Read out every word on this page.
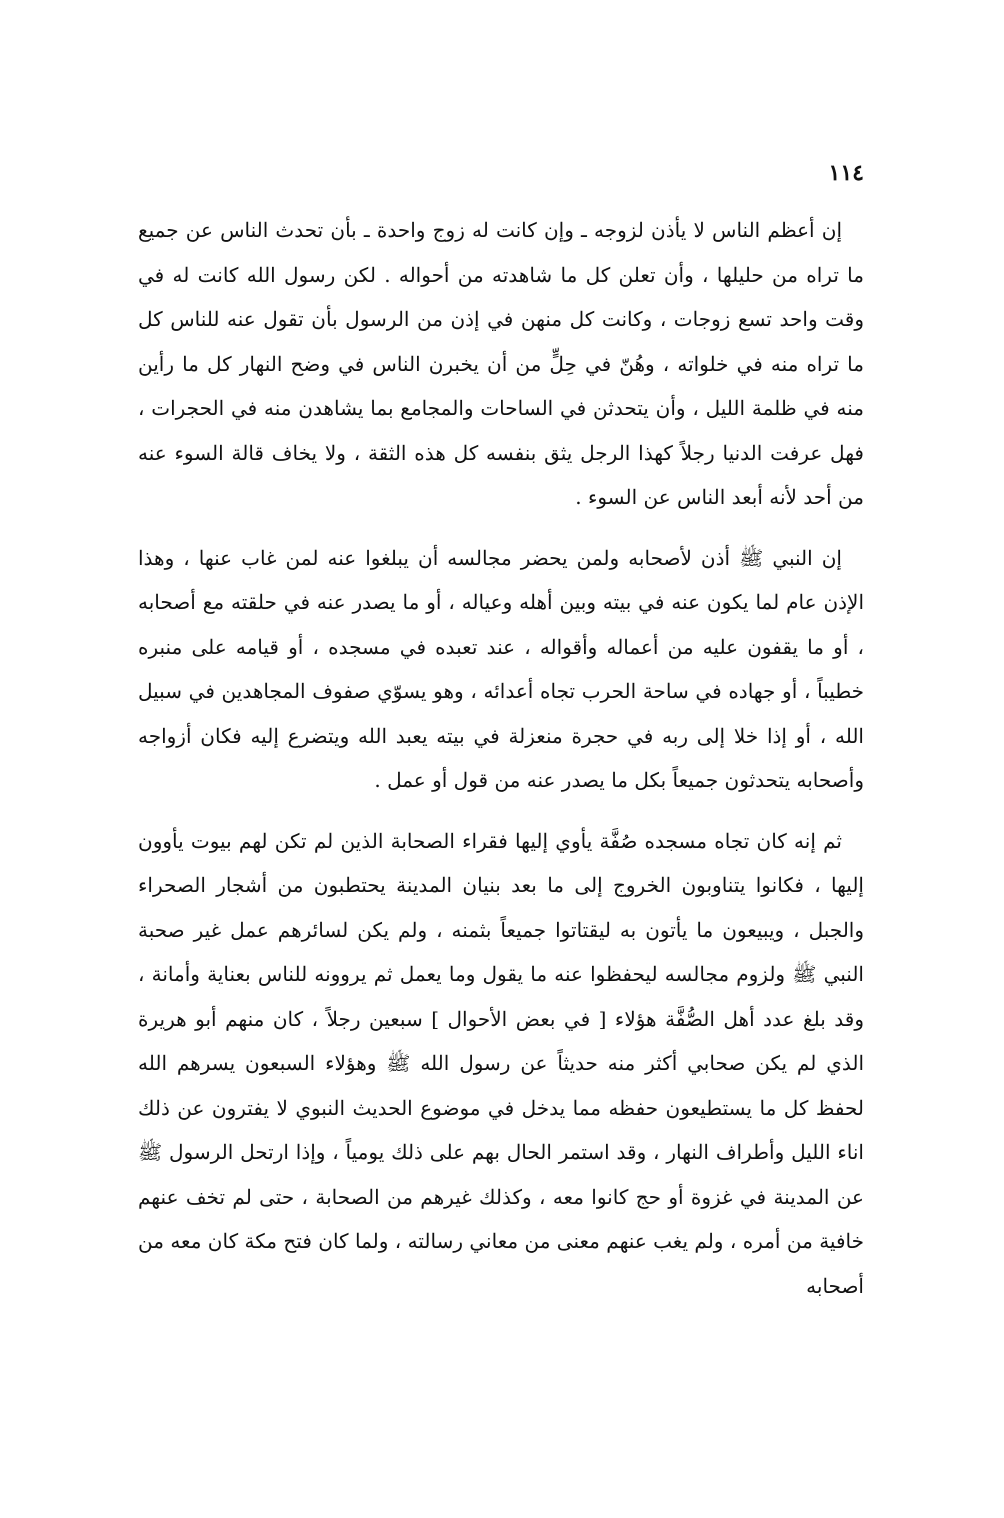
١١٤

إن أعظم الناس لا يأذن لزوجه ـ وإن كانت له زوج واحدة ـ بأن تحدث الناس عن جميع ما تراه من حليلها ، وأن تعلن كل ما شاهدته من أحواله . لكن رسول الله كانت له في وقت واحد تسع زوجات ، وكانت كل منهن في إذن من الرسول بأن تقول عنه للناس كل ما تراه منه في خلواته ، وهُنّ في حِلٍّ من أن يخبرن الناس في وضح النهار كل ما رأين منه في ظلمة الليل ، وأن يتحدثن في الساحات والمجامع بما يشاهدن منه في الحجرات ، فهل عرفت الدنيا رجلاً كهذا الرجل يثق بنفسه كل هذه الثقة ، ولا يخاف قالة السوء عنه من أحد لأنه أبعد الناس عن السوء .

إن النبي ﷺ أذن لأصحابه ولمن يحضر مجالسه أن يبلغوا عنه لمن غاب عنها ، وهذا الإذن عام لما يكون عنه في بيته وبين أهله وعياله ، أو ما يصدر عنه في حلقته مع أصحابه ، أو ما يقفون عليه من أعماله وأقواله ، عند تعبده في مسجده ، أو قيامه على منبره خطيباً ، أو جهاده في ساحة الحرب تجاه أعدائه ، وهو يسوّي صفوف المجاهدين في سبيل الله ، أو إذا خلا إلى ربه في حجرة منعزلة في بيته يعبد الله ويتضرع إليه فكان أزواجه وأصحابه يتحدثون جميعاً بكل ما يصدر عنه من قول أو عمل .

ثم إنه كان تجاه مسجده صُفَّة يأوي إليها فقراء الصحابة الذين لم تكن لهم بيوت يأوون إليها ، فكانوا يتناوبون الخروج إلى ما بعد بنيان المدينة يحتطبون من أشجار الصحراء والجبل ، ويبيعون ما يأتون به ليقتاتوا جميعاً بثمنه ، ولم يكن لسائرهم عمل غير صحبة النبي ﷺ ولزوم مجالسه ليحفظوا عنه ما يقول وما يعمل ثم يروونه للناس بعناية وأمانة ، وقد بلغ عدد أهل الصُّفَّة هؤلاء [ في بعض الأحوال ] سبعين رجلاً ، كان منهم أبو هريرة الذي لم يكن صحابي أكثر منه حديثاً عن رسول الله ﷺ وهؤلاء السبعون يسرهم الله لحفظ كل ما يستطيعون حفظه مما يدخل في موضوع الحديث النبوي لا يفترون عن ذلك اناء الليل وأطراف النهار ، وقد استمر الحال بهم على ذلك يومياً ، وإذا ارتحل الرسول ﷺ عن المدينة في غزوة أو حج كانوا معه ، وكذلك غيرهم من الصحابة ، حتى لم تخف عنهم خافية من أمره ، ولم يغب عنهم معنى من معاني رسالته ، ولما كان فتح مكة كان معه من أصحابه
